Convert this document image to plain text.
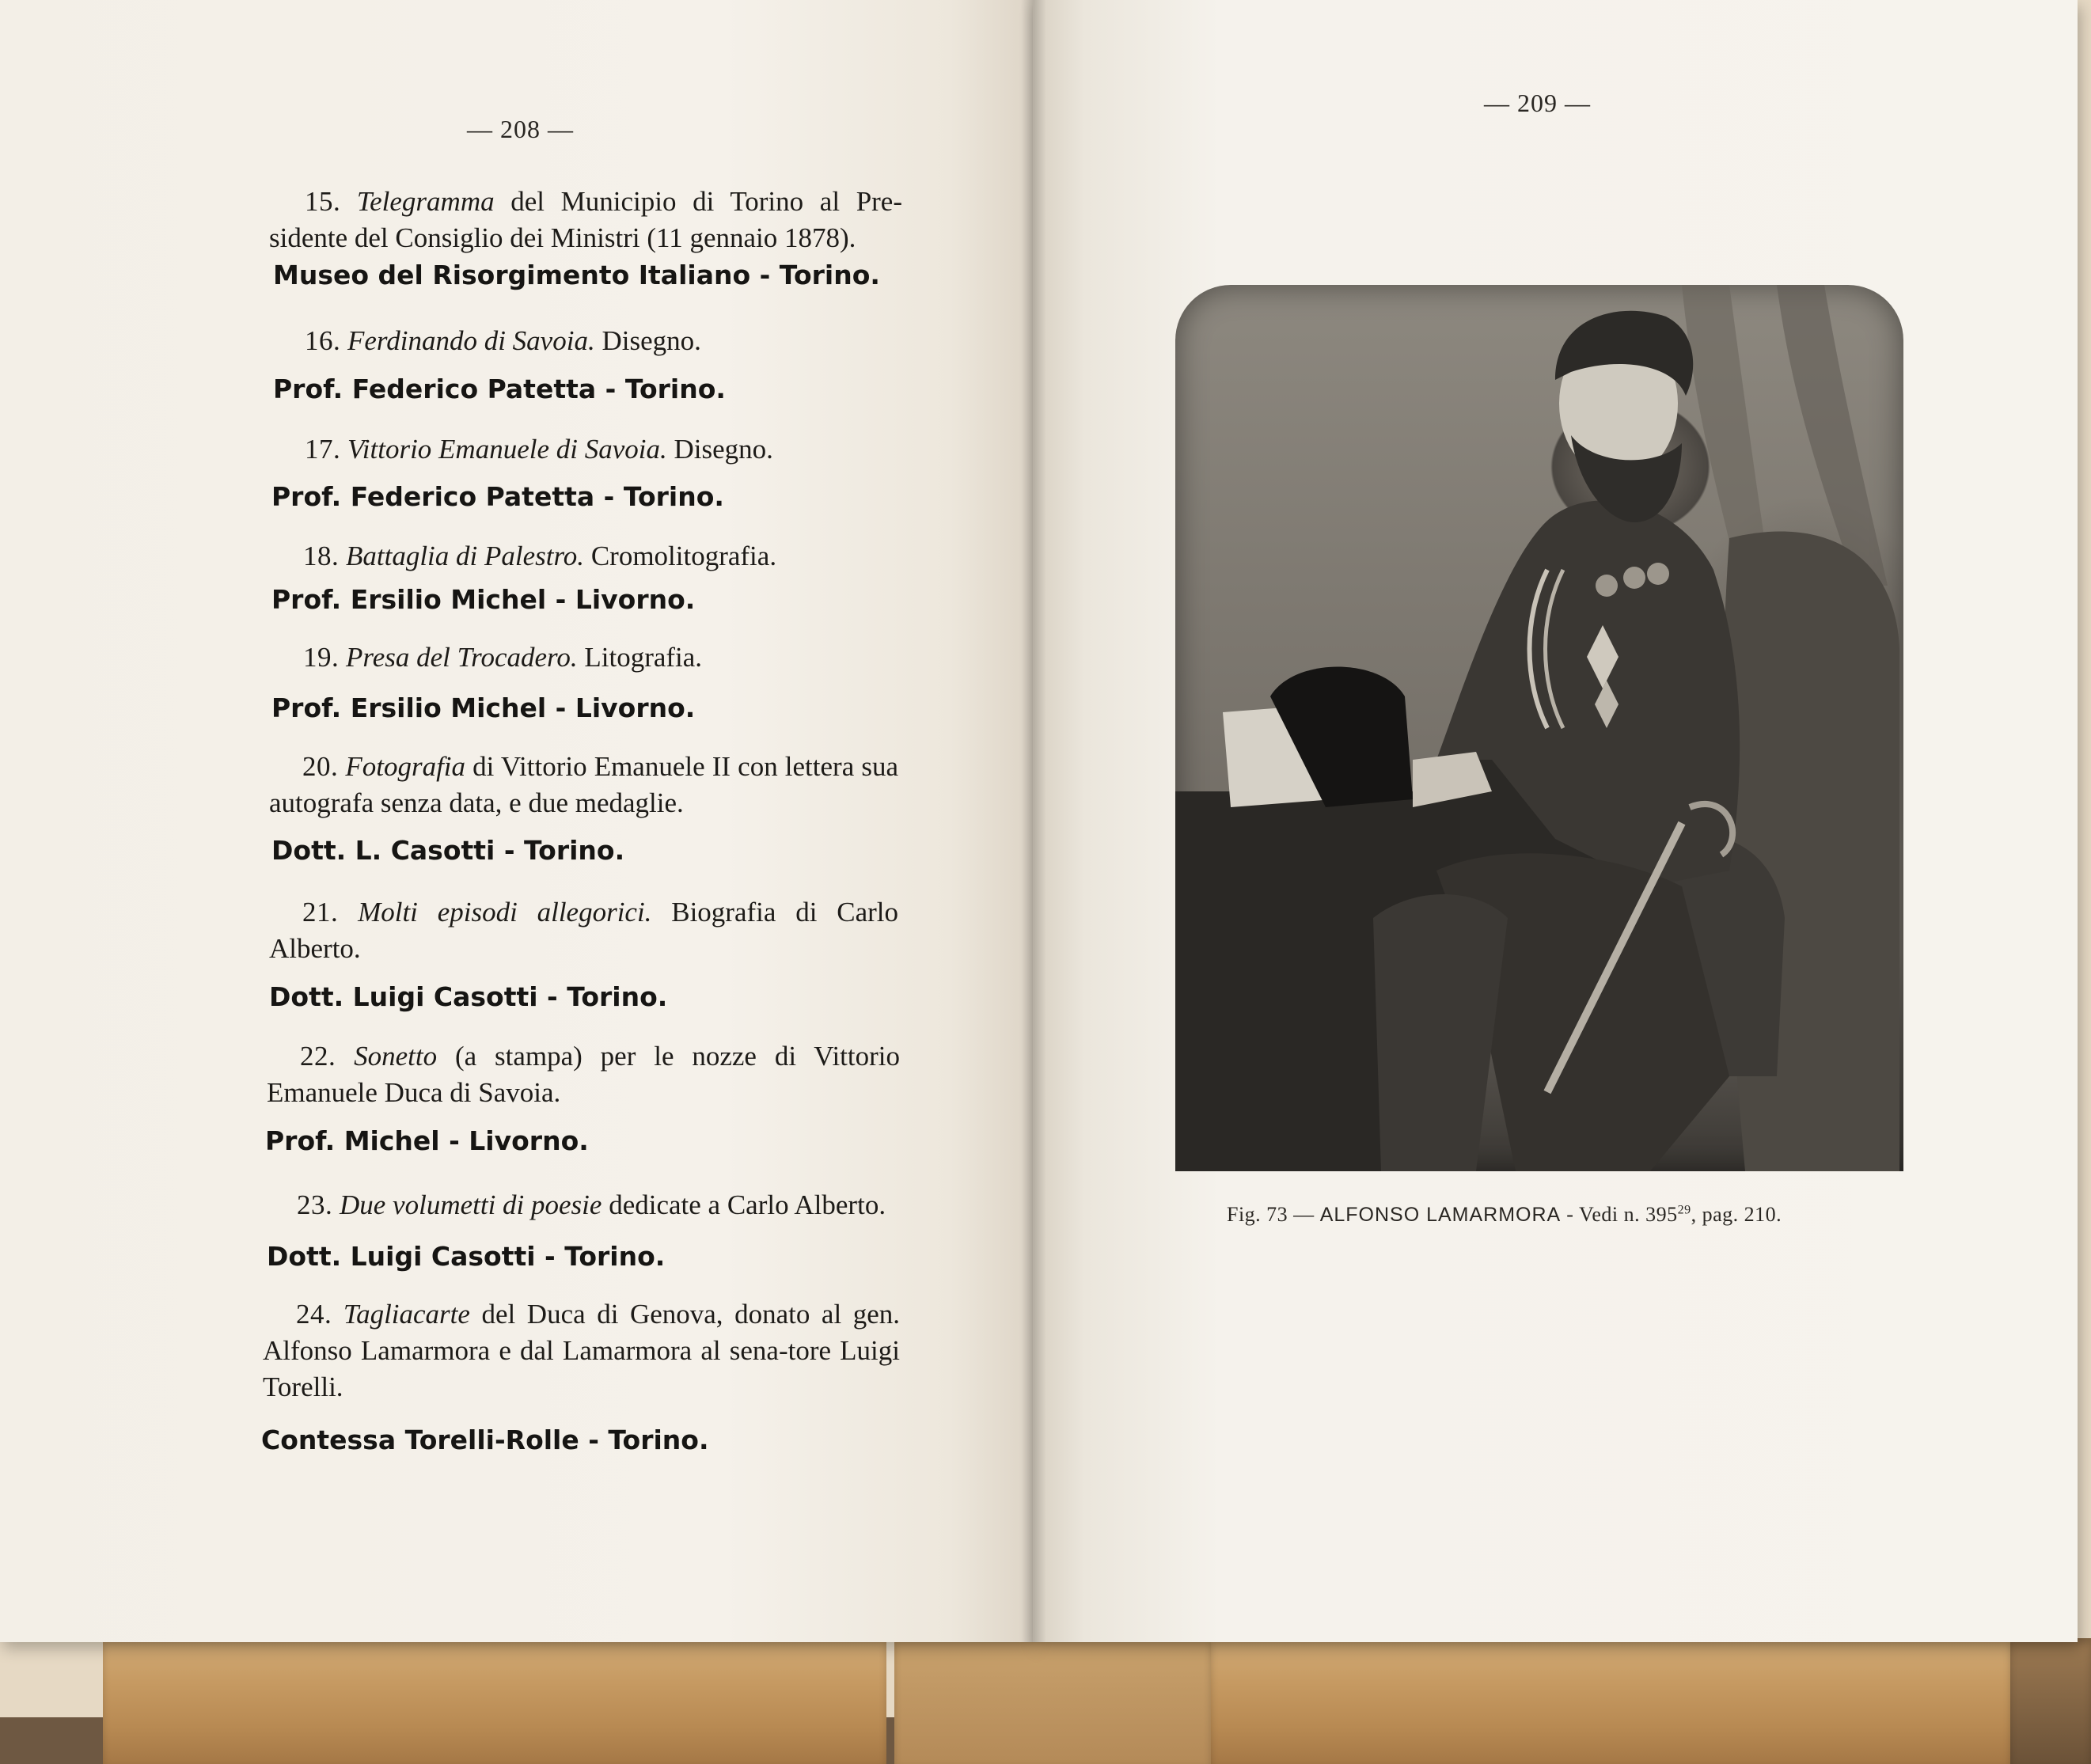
— 208 —
15. Telegramma del Municipio di Torino al Pre-sidente del Consiglio dei Ministri (11 gennaio 1878).
Museo del Risorgimento Italiano - Torino.
16. Ferdinando di Savoia. Disegno.
Prof. Federico Patetta - Torino.
17. Vittorio Emanuele di Savoia. Disegno.
Prof. Federico Patetta - Torino.
18. Battaglia di Palestro. Cromolitografia.
Prof. Ersilio Michel - Livorno.
19. Presa del Trocadero. Litografia.
Prof. Ersilio Michel - Livorno.
20. Fotografia di Vittorio Emanuele II con lettera sua autografa senza data, e due medaglie.
Dott. L. Casotti - Torino.
21. Molti episodi allegorici. Biografia di Carlo Alberto.
Dott. Luigi Casotti - Torino.
22. Sonetto (a stampa) per le nozze di Vittorio Emanuele Duca di Savoia.
Prof. Michel - Livorno.
23. Due volumetti di poesie dedicate a Carlo Alberto.
Dott. Luigi Casotti - Torino.
24. Tagliacarte del Duca di Genova, donato al gen. Alfonso Lamarmora e dal Lamarmora al sena-tore Luigi Torelli.
Contessa Torelli-Rolle - Torino.
— 209 —
Fig. 73 — ALFONSO LAMARMORA - Vedi n. $395^{29}$, pag. 210.
